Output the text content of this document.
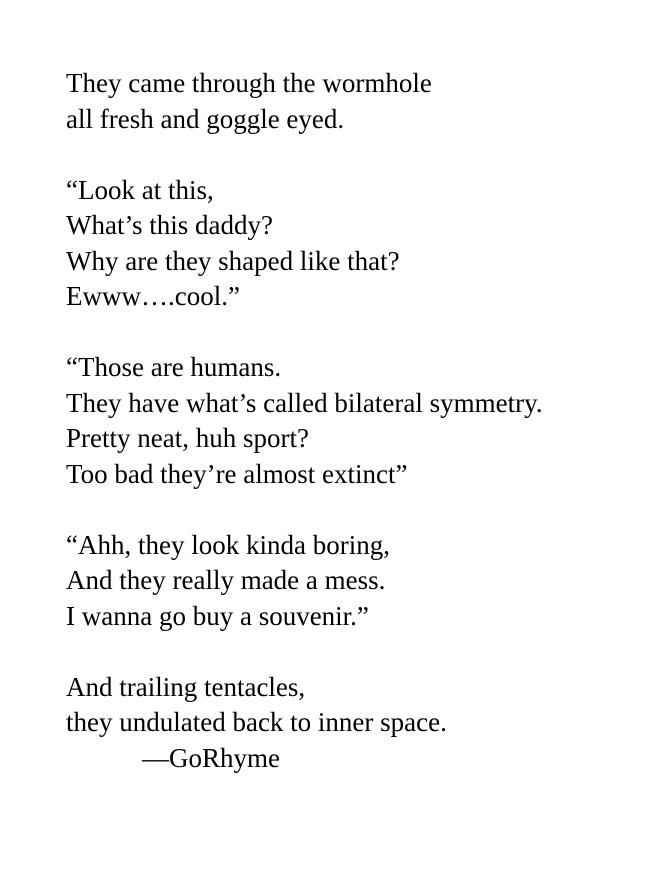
They came through the wormhole
all fresh and goggle eyed.
“Look at this,
What’s this daddy?
Why are they shaped like that?
Ewww….cool.”
“Those are humans.
They have what’s called bilateral symmetry.
Pretty neat, huh sport?
Too bad they’re almost extinct”
“Ahh, they look kinda boring,
And they really made a mess.
I wanna go buy a souvenir.”
And trailing tentacles,
they undulated back to inner space.
—GoRhyme
